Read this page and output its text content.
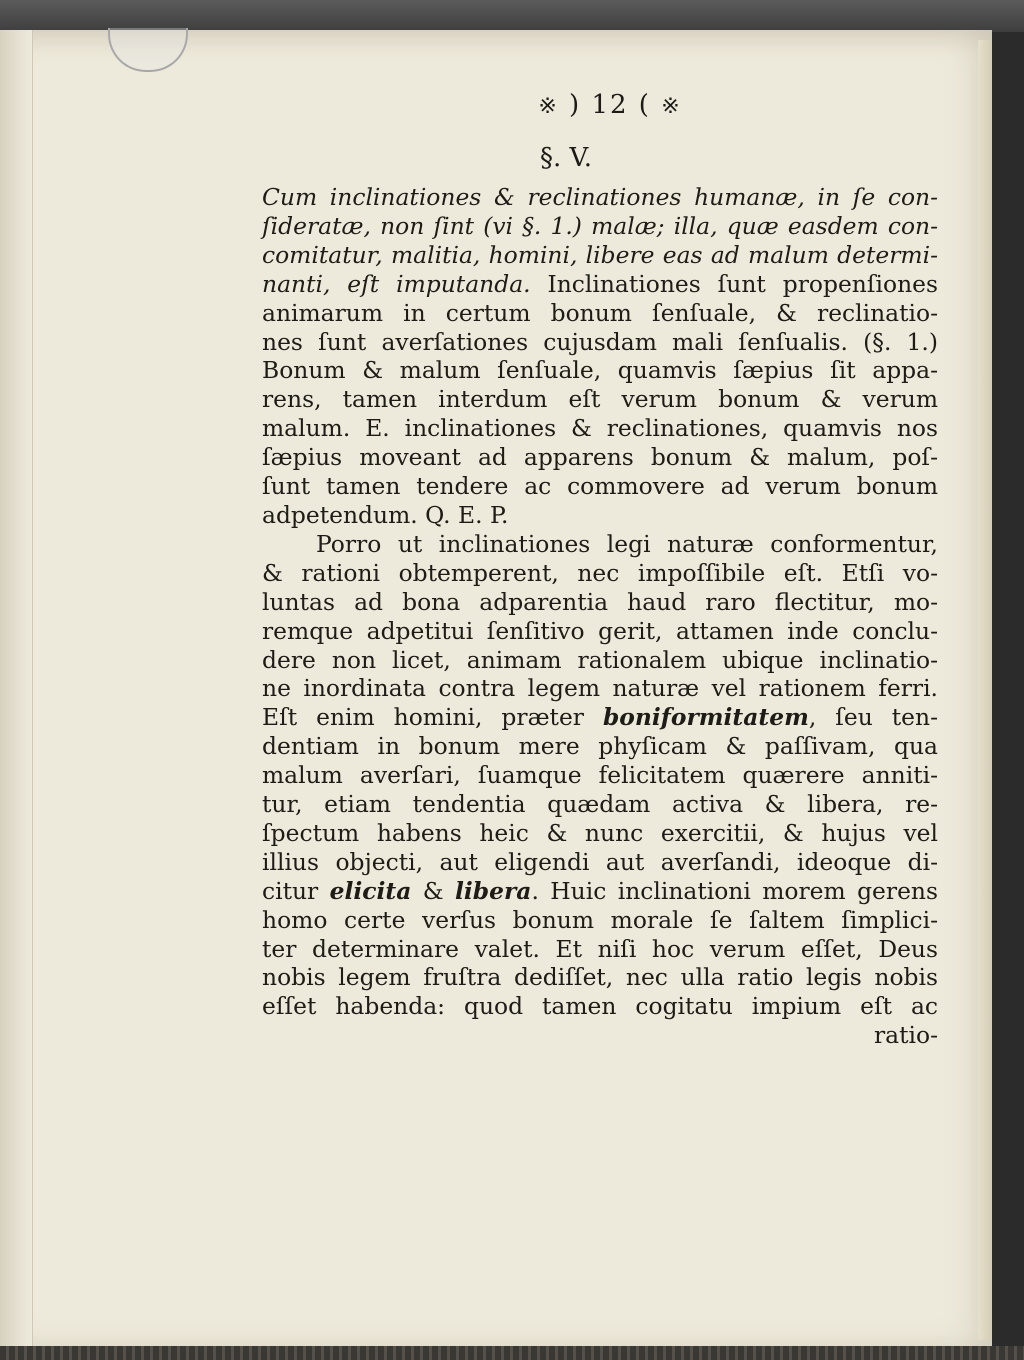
※ ) 12 ( ※
§. V.
Cum inclinationes & reclinationes humanæ, in ſe con-
ſideratæ, non ſint (vi §. 1.) malæ; illa, quæ easdem con-
comitatur, malitia, homini, libere eas ad malum determi-
nanti, eſt imputanda. Inclinationes ſunt propenſiones
animarum in certum bonum ſenſuale, & reclinatio-
nes ſunt averſationes cujusdam mali ſenſualis. (§. 1.)
Bonum & malum ſenſuale, quamvis ſæpius ſit appa-
rens, tamen interdum eſt verum bonum & verum
malum. E. inclinationes & reclinationes, quamvis nos
ſæpius moveant ad apparens bonum & malum, poſ-
ſunt tamen tendere ac commovere ad verum bonum
adpetendum. Q. E. P.
Porro ut inclinationes legi naturæ conformentur,
& rationi obtemperent, nec impoſſibile eſt. Etſi vo-
luntas ad bona adparentia haud raro flectitur, mo-
remque adpetitui ſenſitivo gerit, attamen inde conclu-
dere non licet, animam rationalem ubique inclinatio-
ne inordinata contra legem naturæ vel rationem ferri.
Eſt enim homini, præter boniformitatem, ſeu ten-
dentiam in bonum mere phyſicam & paſſivam, qua
malum averſari, ſuamque felicitatem quærere anniti-
tur, etiam tendentia quædam activa & libera, re-
ſpectum habens heic & nunc exercitii, & hujus vel
illius objecti, aut eligendi aut averſandi, ideoque di-
citur elicita & libera. Huic inclinationi morem gerens
homo certe verſus bonum morale ſe ſaltem ſimplici-
ter determinare valet. Et niſi hoc verum eſſet, Deus
nobis legem fruſtra dediſſet, nec ulla ratio legis nobis
eſſet habenda: quod tamen cogitatu impium eſt ac
ratio-
